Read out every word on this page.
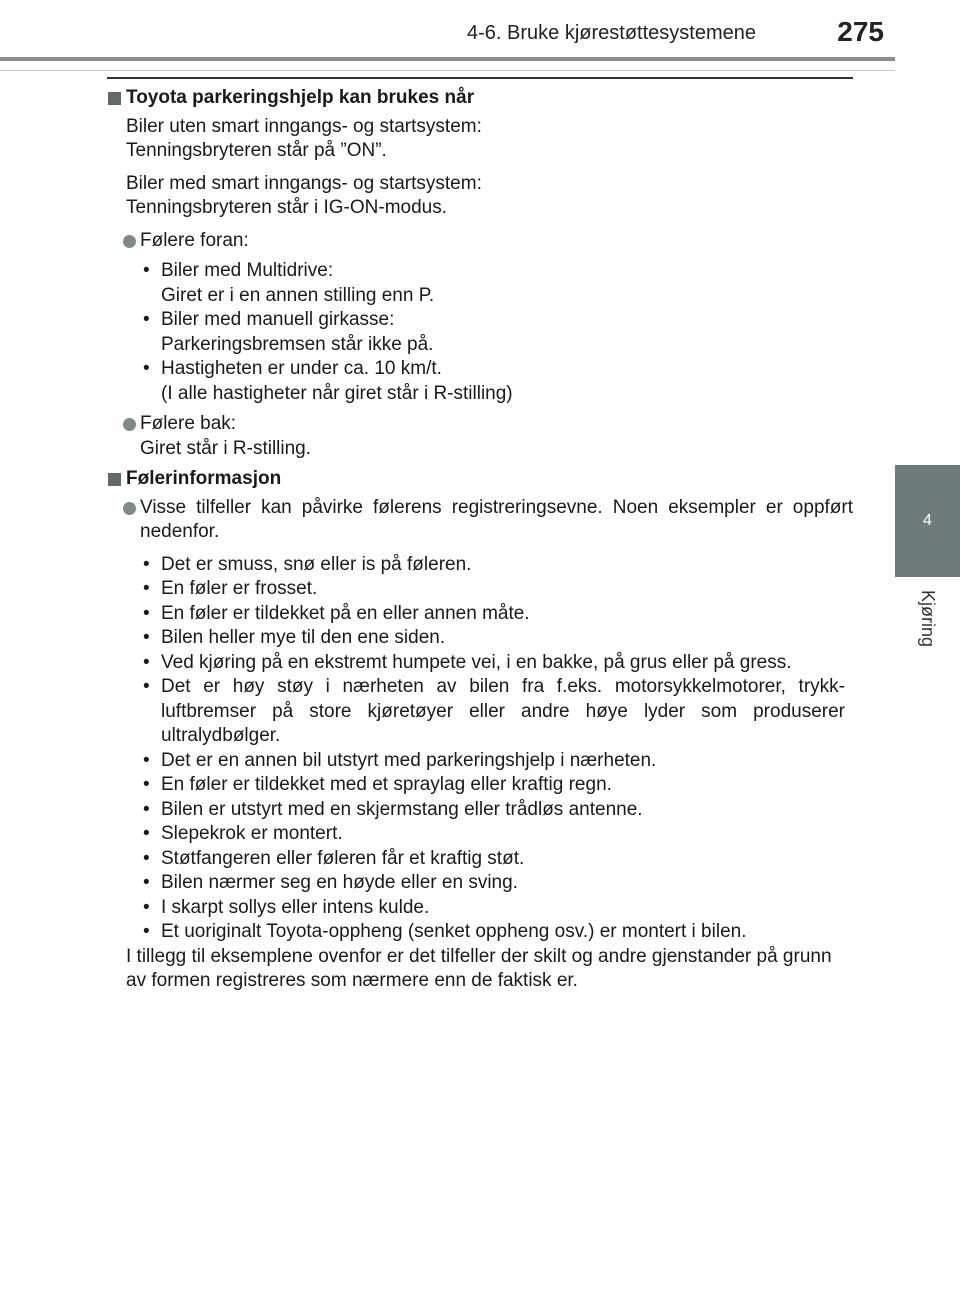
4-6. Bruke kjørestøttesystemene	275
4
Kjøring
Toyota parkeringshjelp kan brukes når
Biler uten smart inngangs- og startsystem:
Tenningsbryteren står på ”ON”.
Biler med smart inngangs- og startsystem:
Tenningsbryteren står i IG-ON-modus.
Følere foran:
• Biler med Multidrive:
Giret er i en annen stilling enn P.
• Biler med manuell girkasse:
Parkeringsbremsen står ikke på.
• Hastigheten er under ca. 10 km/t.
(I alle hastigheter når giret står i R-stilling)
Følere bak:
Giret står i R-stilling.
Følerinformasjon
Visse tilfeller kan påvirke følerens registreringsevne. Noen eksempler er oppført nedenfor.
• Det er smuss, snø eller is på føleren.
• En føler er frosset.
• En føler er tildekket på en eller annen måte.
• Bilen heller mye til den ene siden.
• Ved kjøring på en ekstremt humpete vei, i en bakke, på grus eller på gress.
• Det er høy støy i nærheten av bilen fra f.eks. motorsykkelmotorer, trykk-luftbremser på store kjøretøyer eller andre høye lyder som produserer ultralydbølger.
• Det er en annen bil utstyrt med parkeringshjelp i nærheten.
• En føler er tildekket med et spraylag eller kraftig regn.
• Bilen er utstyrt med en skjermstang eller trådløs antenne.
• Slepekrok er montert.
• Støtfangeren eller føleren får et kraftig støt.
• Bilen nærmer seg en høyde eller en sving.
• I skarpt sollys eller intens kulde.
• Et uoriginalt Toyota-oppheng (senket oppheng osv.) er montert i bilen.
I tillegg til eksemplene ovenfor er det tilfeller der skilt og andre gjenstander på grunn av formen registreres som nærmere enn de faktisk er.
